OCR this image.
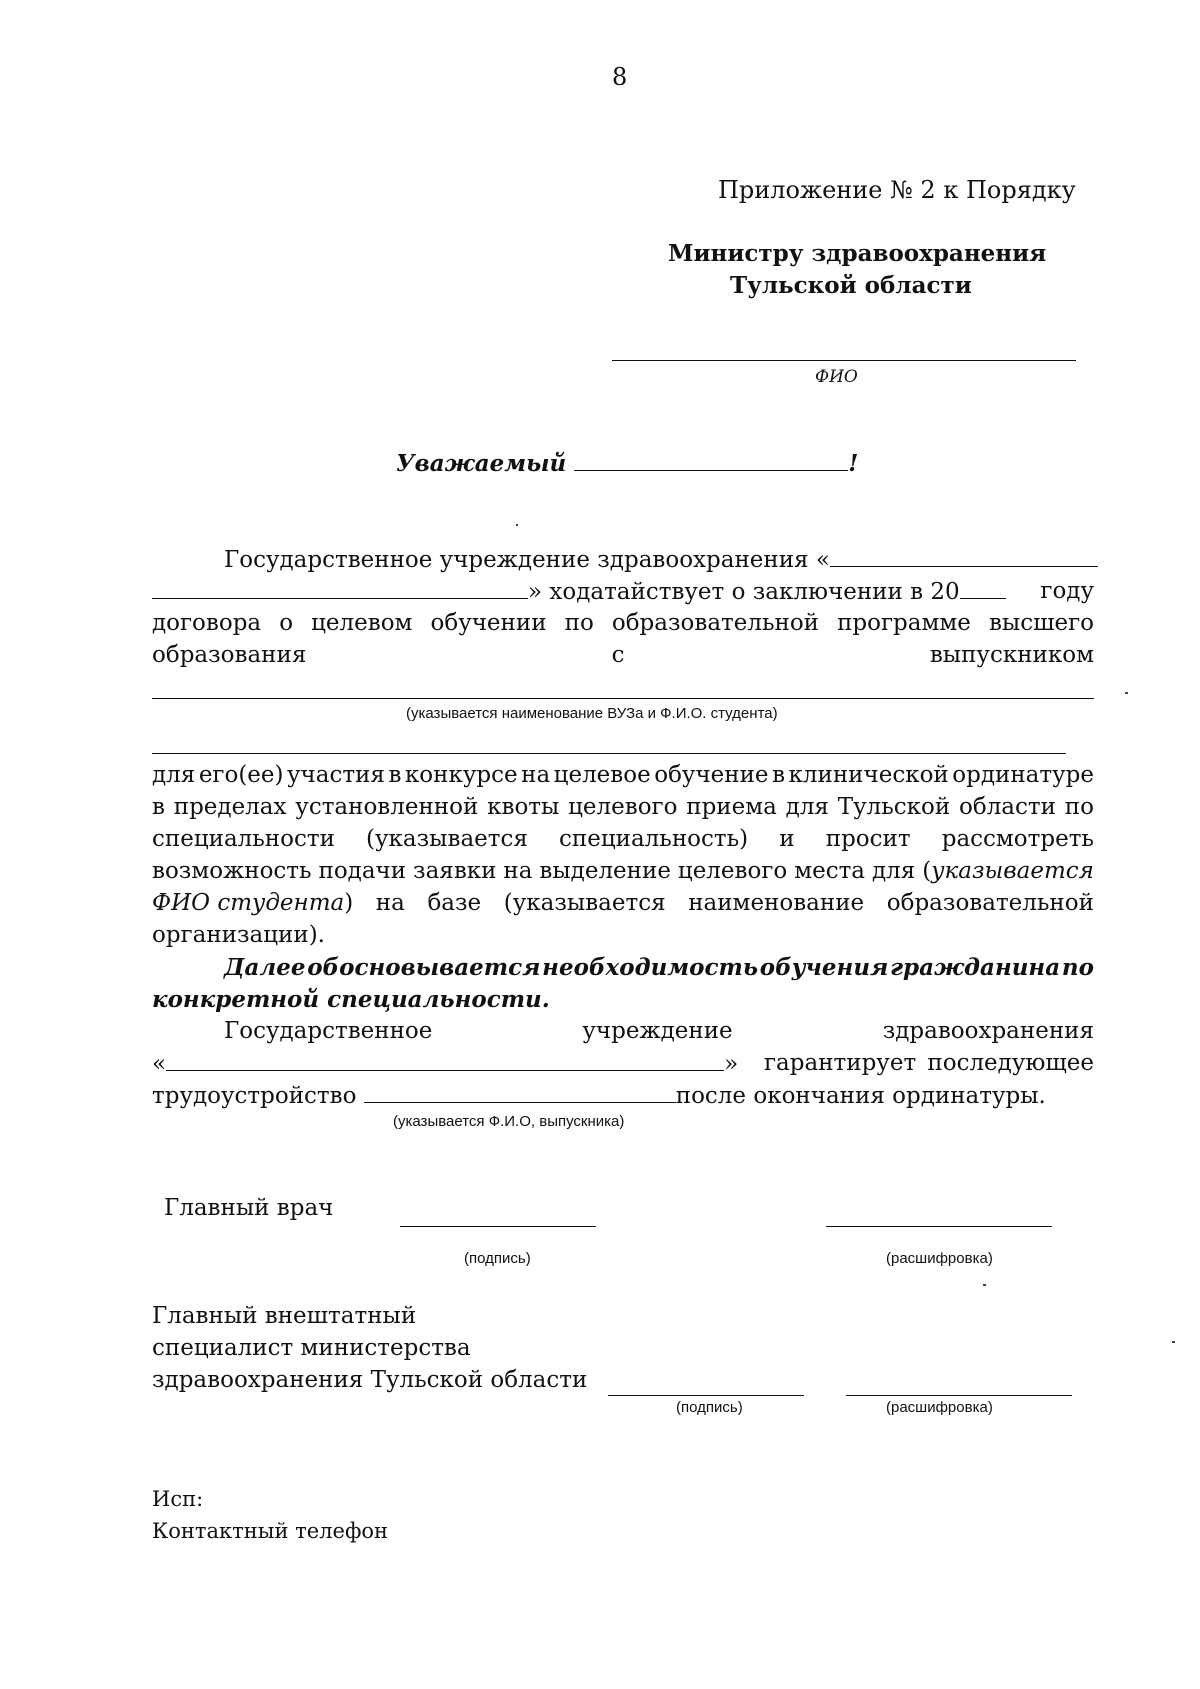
8
Приложение № 2 к Порядку
Министру здравоохранения
Тульской области
ФИО
Уважаемый	!
Государственное учреждение здравоохранения «
» ходатайствует о заключении в 20	году
договора о целевом обучении по образовательной программе высшего
образования	с	выпускником
(указывается наименование ВУЗа и Ф.И.О. студента)
для его(ее) участия в конкурсе на целевое обучение в клинической ординатуре
в пределах установленной квоты целевого приема для Тульской области по
специальности (указывается специальность) и просит рассмотреть
возможность подачи заявки на выделение целевого места для (указывается
ФИО студента) на базе (указывается наименование образовательной
организации).
Далее обосновывается необходимость обучения гражданина по
конкретной специальности.
Государственное	учреждение	здравоохранения
«	» гарантирует последующее
трудоустройство	после окончания ординатуры.
(указывается Ф.И.О, выпускника)
Главный врач
(подпись)	(расшифровка)
Главный внештатный
специалист министерства
здравоохранения Тульской области
(подпись)	(расшифровка)
Исп:
Контактный телефон
